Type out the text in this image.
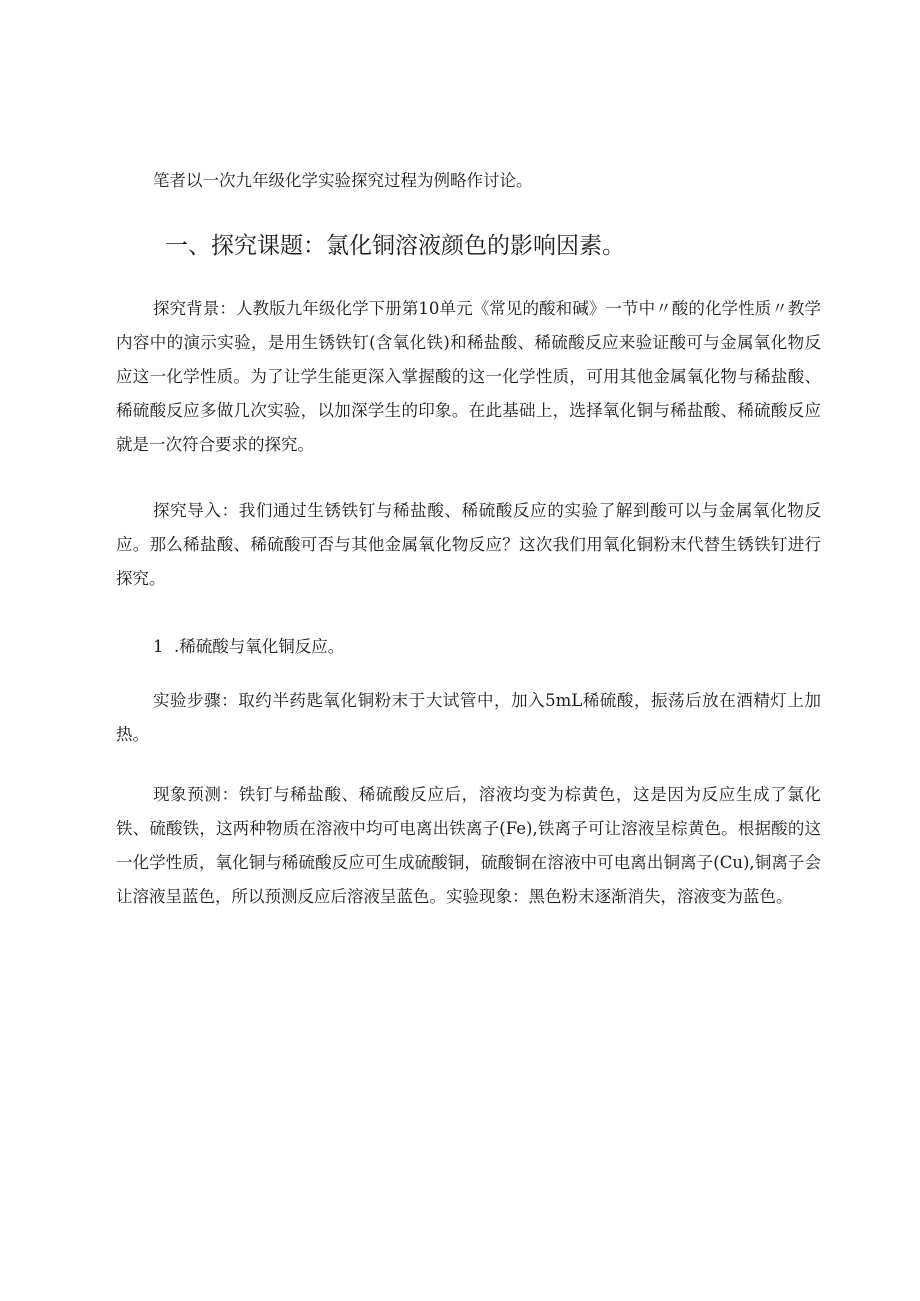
笔者以一次九年级化学实验探究过程为例略作讨论。

一、探究课题：氯化铜溶液颜色的影响因素。

探究背景：人教版九年级化学下册第10单元《常见的酸和碱》一节中〃酸的化学性质〃教学内容中的演示实验，是用生锈铁钉(含氧化铁)和稀盐酸、稀硫酸反应来验证酸可与金属氧化物反应这一化学性质。为了让学生能更深入掌握酸的这一化学性质，可用其他金属氧化物与稀盐酸、稀硫酸反应多做几次实验，以加深学生的印象。在此基础上，选择氧化铜与稀盐酸、稀硫酸反应就是一次符合要求的探究。

探究导入：我们通过生锈铁钉与稀盐酸、稀硫酸反应的实验了解到酸可以与金属氧化物反应。那么稀盐酸、稀硫酸可否与其他金属氧化物反应？这次我们用氧化铜粉末代替生锈铁钉进行探究。

1  .稀硫酸与氧化铜反应。

实验步骤：取约半药匙氧化铜粉末于大试管中，加入5mL稀硫酸，振荡后放在酒精灯上加热。

现象预测：铁钉与稀盐酸、稀硫酸反应后，溶液均变为棕黄色，这是因为反应生成了氯化铁、硫酸铁，这两种物质在溶液中均可电离出铁离子(Fe),铁离子可让溶液呈棕黄色。根据酸的这一化学性质，氧化铜与稀硫酸反应可生成硫酸铜，硫酸铜在溶液中可电离出铜离子(Cu),铜离子会让溶液呈蓝色，所以预测反应后溶液呈蓝色。实验现象：黑色粉末逐渐消失，溶液变为蓝色。
